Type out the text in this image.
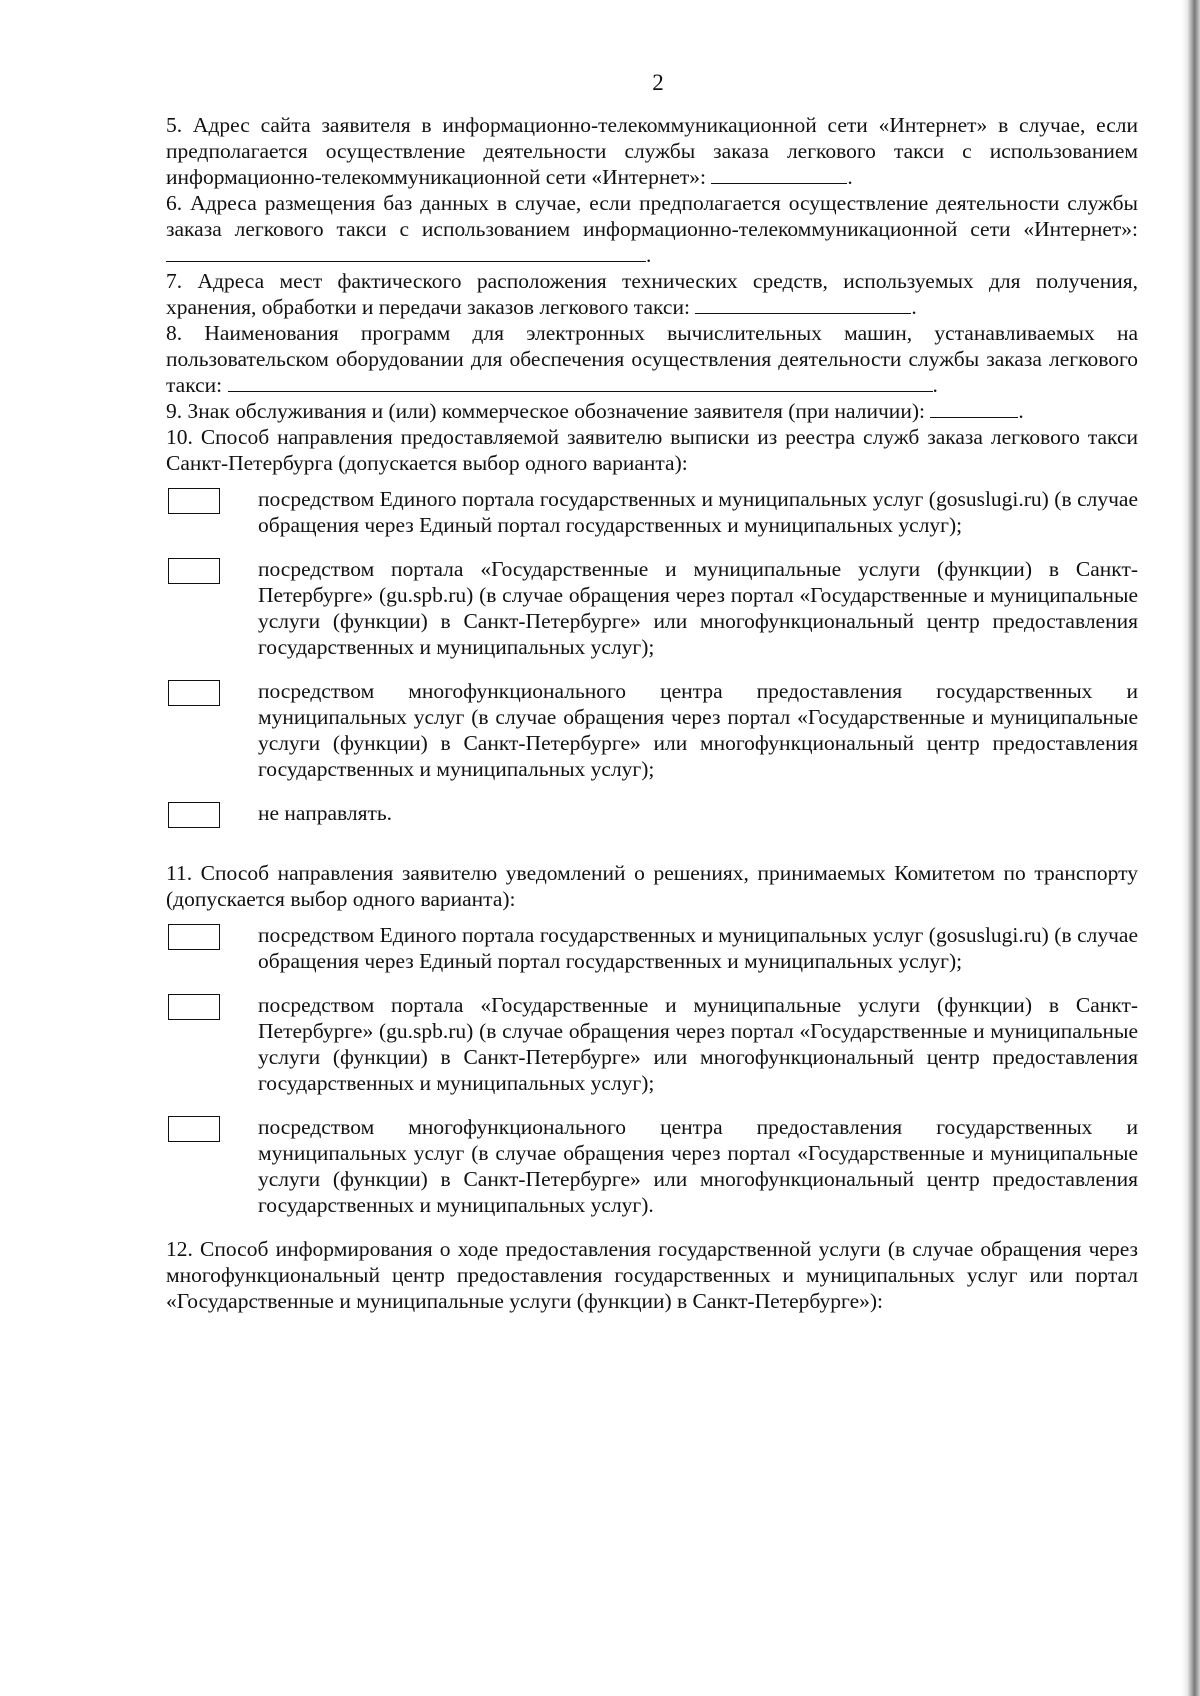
2

5. Адрес сайта заявителя в информационно-телекоммуникационной сети «Интернет» в случае, если предполагается осуществление деятельности службы заказа легкового такси с использованием информационно-телекоммуникационной сети «Интернет»:	.

6. Адреса размещения баз данных в случае, если предполагается осуществление деятельности службы заказа легкового такси с использованием информационно-телекоммуникационной сети «Интернет»: .

7. Адреса мест фактического расположения технических средств, используемых для получения, хранения, обработки и передачи заказов легкового такси:	.

8. Наименования программ для электронных вычислительных машин, устанавливаемых на пользовательском оборудовании для обеспечения осуществления деятельности службы заказа легкового такси:	.

9. Знак обслуживания и (или) коммерческое обозначение заявителя (при наличии):	.

10. Способ направления предоставляемой заявителю выписки из реестра служб заказа легкового такси Санкт-Петербурга (допускается выбор одного варианта):

посредством Единого портала государственных и муниципальных услуг (gosuslugi.ru) (в случае обращения через Единый портал государственных и муниципальных услуг);

посредством портала «Государственные и муниципальные услуги (функции) в Санкт-Петербурге» (gu.spb.ru) (в случае обращения через портал «Государственные и муниципальные услуги (функции) в Санкт-Петербурге» или многофункциональный центр предоставления государственных и муниципальных услуг);

посредством многофункционального центра предоставления государственных и муниципальных услуг (в случае обращения через портал «Государственные и муниципальные услуги (функции) в Санкт-Петербурге» или многофункциональный центр предоставления государственных и муниципальных услуг);

не направлять.

11. Способ направления заявителю уведомлений о решениях, принимаемых Комитетом по транспорту (допускается выбор одного варианта):

посредством Единого портала государственных и муниципальных услуг (gosuslugi.ru) (в случае обращения через Единый портал государственных и муниципальных услуг);

посредством портала «Государственные и муниципальные услуги (функции) в Санкт-Петербурге» (gu.spb.ru) (в случае обращения через портал «Государственные и муниципальные услуги (функции) в Санкт-Петербурге» или многофункциональный центр предоставления государственных и муниципальных услуг);

посредством многофункционального центра предоставления государственных и муниципальных услуг (в случае обращения через портал «Государственные и муниципальные услуги (функции) в Санкт-Петербурге» или многофункциональный центр предоставления государственных и муниципальных услуг).

12. Способ информирования о ходе предоставления государственной услуги (в случае обращения через многофункциональный центр предоставления государственных и муниципальных услуг или портал «Государственные и муниципальные услуги (функции) в Санкт-Петербурге»):
